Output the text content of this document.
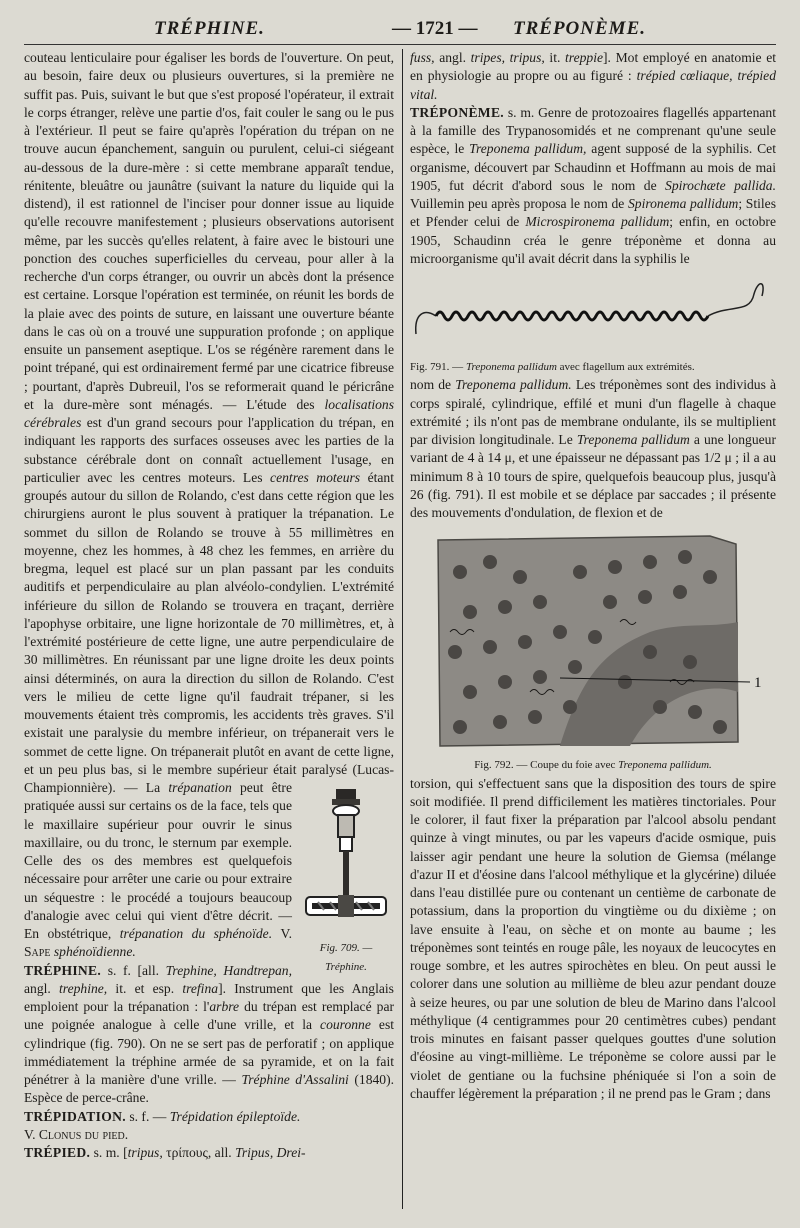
TRÉPHINE.	— 1721 — TRÉPONÈME.

couteau lenticulaire pour égaliser les bords de l'ouverture. On peut, au besoin, faire deux ou plusieurs ouvertures, si la première ne suffit pas. Puis, suivant le but que s'est proposé l'opérateur, il extrait le corps étranger, relève une partie d'os, fait couler le sang ou le pus à l'extérieur. Il peut se faire qu'après l'opération du trépan on ne trouve aucun épanchement, sanguin ou purulent, celui-ci siégeant au-dessous de la dure-mère : si cette membrane apparaît tendue, rénitente, bleuâtre ou jaunâtre (suivant la nature du liquide qui la distend), il est rationnel de l'inciser pour donner issue au liquide qu'elle recouvre manifestement ; plusieurs observations autorisent même, par les succès qu'elles relatent, à faire avec le bistouri une ponction des couches superficielles du cerveau, pour aller à la recherche d'un corps étranger, ou ouvrir un abcès dont la présence est certaine. Lorsque l'opération est terminée, on réunit les bords de la plaie avec des points de suture, en laissant une ouverture béante dans le cas où on a trouvé une suppuration profonde ; on applique ensuite un pansement aseptique. L'os se régénère rarement dans le point trépané, qui est ordinairement fermé par une cicatrice fibreuse ; pourtant, d'après Dubreuil, l'os se reformerait quand le péricrâne et la dure-mère sont ménagés. — L'étude des localisations cérébrales est d'un grand secours pour l'application du trépan, en indiquant les rapports des surfaces osseuses avec les parties de la substance cérébrale dont on connaît actuellement l'usage, en particulier avec les centres moteurs. Les centres moteurs étant groupés autour du sillon de Rolando, c'est dans cette région que les chirurgiens auront le plus souvent à pratiquer la trépanation. Le sommet du sillon de Rolando se trouve à 55 millimètres en moyenne, chez les hommes, à 48 chez les femmes, en arrière du bregma, lequel est placé sur un plan passant par les conduits auditifs et perpendiculaire au plan alvéolo-condylien. L'extrémité inférieure du sillon de Rolando se trouvera en traçant, derrière l'apophyse orbitaire, une ligne horizontale de 70 millimètres, et, à l'extrémité postérieure de cette ligne, une autre perpendiculaire de 30 millimètres. En réunissant par une ligne droite les deux points ainsi déterminés, on aura la direction du sillon de Rolando. C'est vers le milieu de cette ligne qu'il faudrait trépaner, si les mouvements étaient très compromis, les accidents très graves. S'il existait une paralysie du membre inférieur, on trépanerait vers le sommet de cette ligne. On trépanerait plutôt en avant de cette ligne, et un peu plus bas, si le membre supérieur était paralysé (Lucas-Championnière). — La trépanation
Fig. 709. — Tréphine.
peut être pratiquée aussi sur certains os de la face, tels que le maxillaire supérieur pour ouvrir le sinus maxillaire, ou du tronc, le sternum par exemple. Celle des os des membres est quelquefois nécessaire pour arrêter une carie ou pour extraire un séquestre : le procédé a toujours beaucoup d'analogie avec celui qui vient d'être décrit. — En obstétrique, trépanation du sphénoïde. V. Sape sphénoïdienne.

TRÉPHINE. s. f. [all. Trephine, Handtrepan, angl. trephine, it. et esp. trefina]. Instrument que les Anglais emploient pour la trépanation : l'arbre du trépan est remplacé par une poignée analogue à celle d'une vrille, et la couronne est cylindrique (fig. 790). On ne se sert pas de perforatif ; on applique immédiatement la tréphine armée de sa pyramide, et on la fait pénétrer à la manière d'une vrille. — Tréphine d'Assalini (1840). Espèce de perce-crâne.

TRÉPIDATION. s. f. — Trépidation épileptoïde.
V. Clonus du pied.

TRÉPIED. s. m. [tripus, τρίπους, all. Tripus, Drei-

fuss, angl. tripes, tripus, it. treppie]. Mot employé en anatomie et en physiologie au propre ou au figuré : trépied cœliaque, trépied vital.

TRÉPONÈME. s. m. Genre de protozoaires flagellés appartenant à la famille des Trypanosomidés et ne comprenant qu'une seule espèce, le Treponema pallidum, agent supposé de la syphilis. Cet organisme, découvert par Schaudinn et Hoffmann au mois de mai 1905, fut décrit d'abord sous le nom de Spirochæte pallida. Vuillemin peu après proposa le nom de Spironema pallidum; Stiles et Pfender celui de Microspironema pallidum; enfin, en octobre 1905, Schaudinn créa le genre tréponème et donna au microorganisme qu'il avait décrit dans la syphilis le

Fig. 791. — Treponema pallidum avec flagellum aux extrémités.

nom de Treponema pallidum. Les tréponèmes sont des individus à corps spiralé, cylindrique, effilé et muni d'un flagelle à chaque extrémité ; ils n'ont pas de membrane ondulante, ils se multiplient par division longitudinale. Le Treponema pallidum a une longueur variant de 4 à 14 μ, et une épaisseur ne dépassant pas 1/2 μ ; il a au minimum 8 à 10 tours de spire, quelquefois beaucoup plus, jusqu'à 26 (fig. 791). Il est mobile et se déplace par saccades ; il présente des mouvements d'ondulation, de flexion et de

1

Fig. 792. — Coupe du foie avec Treponema pallidum.

torsion, qui s'effectuent sans que la disposition des tours de spire soit modifiée. Il prend difficilement les matières tinctoriales. Pour le colorer, il faut fixer la préparation par l'alcool absolu pendant quinze à vingt minutes, ou par les vapeurs d'acide osmique, puis laisser agir pendant une heure la solution de Giemsa (mélange d'azur II et d'éosine dans l'alcool méthylique et la glycérine) diluée dans l'eau distillée pure ou contenant un centième de carbonate de potassium, dans la proportion du vingtième ou du dixième ; on lave ensuite à l'eau, on sèche et on monte au baume ; les tréponèmes sont teintés en rouge pâle, les noyaux de leucocytes en rouge sombre, et les autres spirochètes en bleu. On peut aussi le colorer dans une solution au millième de bleu azur pendant douze à seize heures, ou par une solution de bleu de Marino dans l'alcool méthylique (4 centigrammes pour 20 centimètres cubes) pendant trois minutes en faisant passer quelques gouttes d'une solution d'éosine au vingt-millième. Le tréponème se colore aussi par le violet de gentiane ou la fuchsine phéniquée si l'on a soin de chauffer légèrement la préparation ; il ne prend pas le Gram ; dans
